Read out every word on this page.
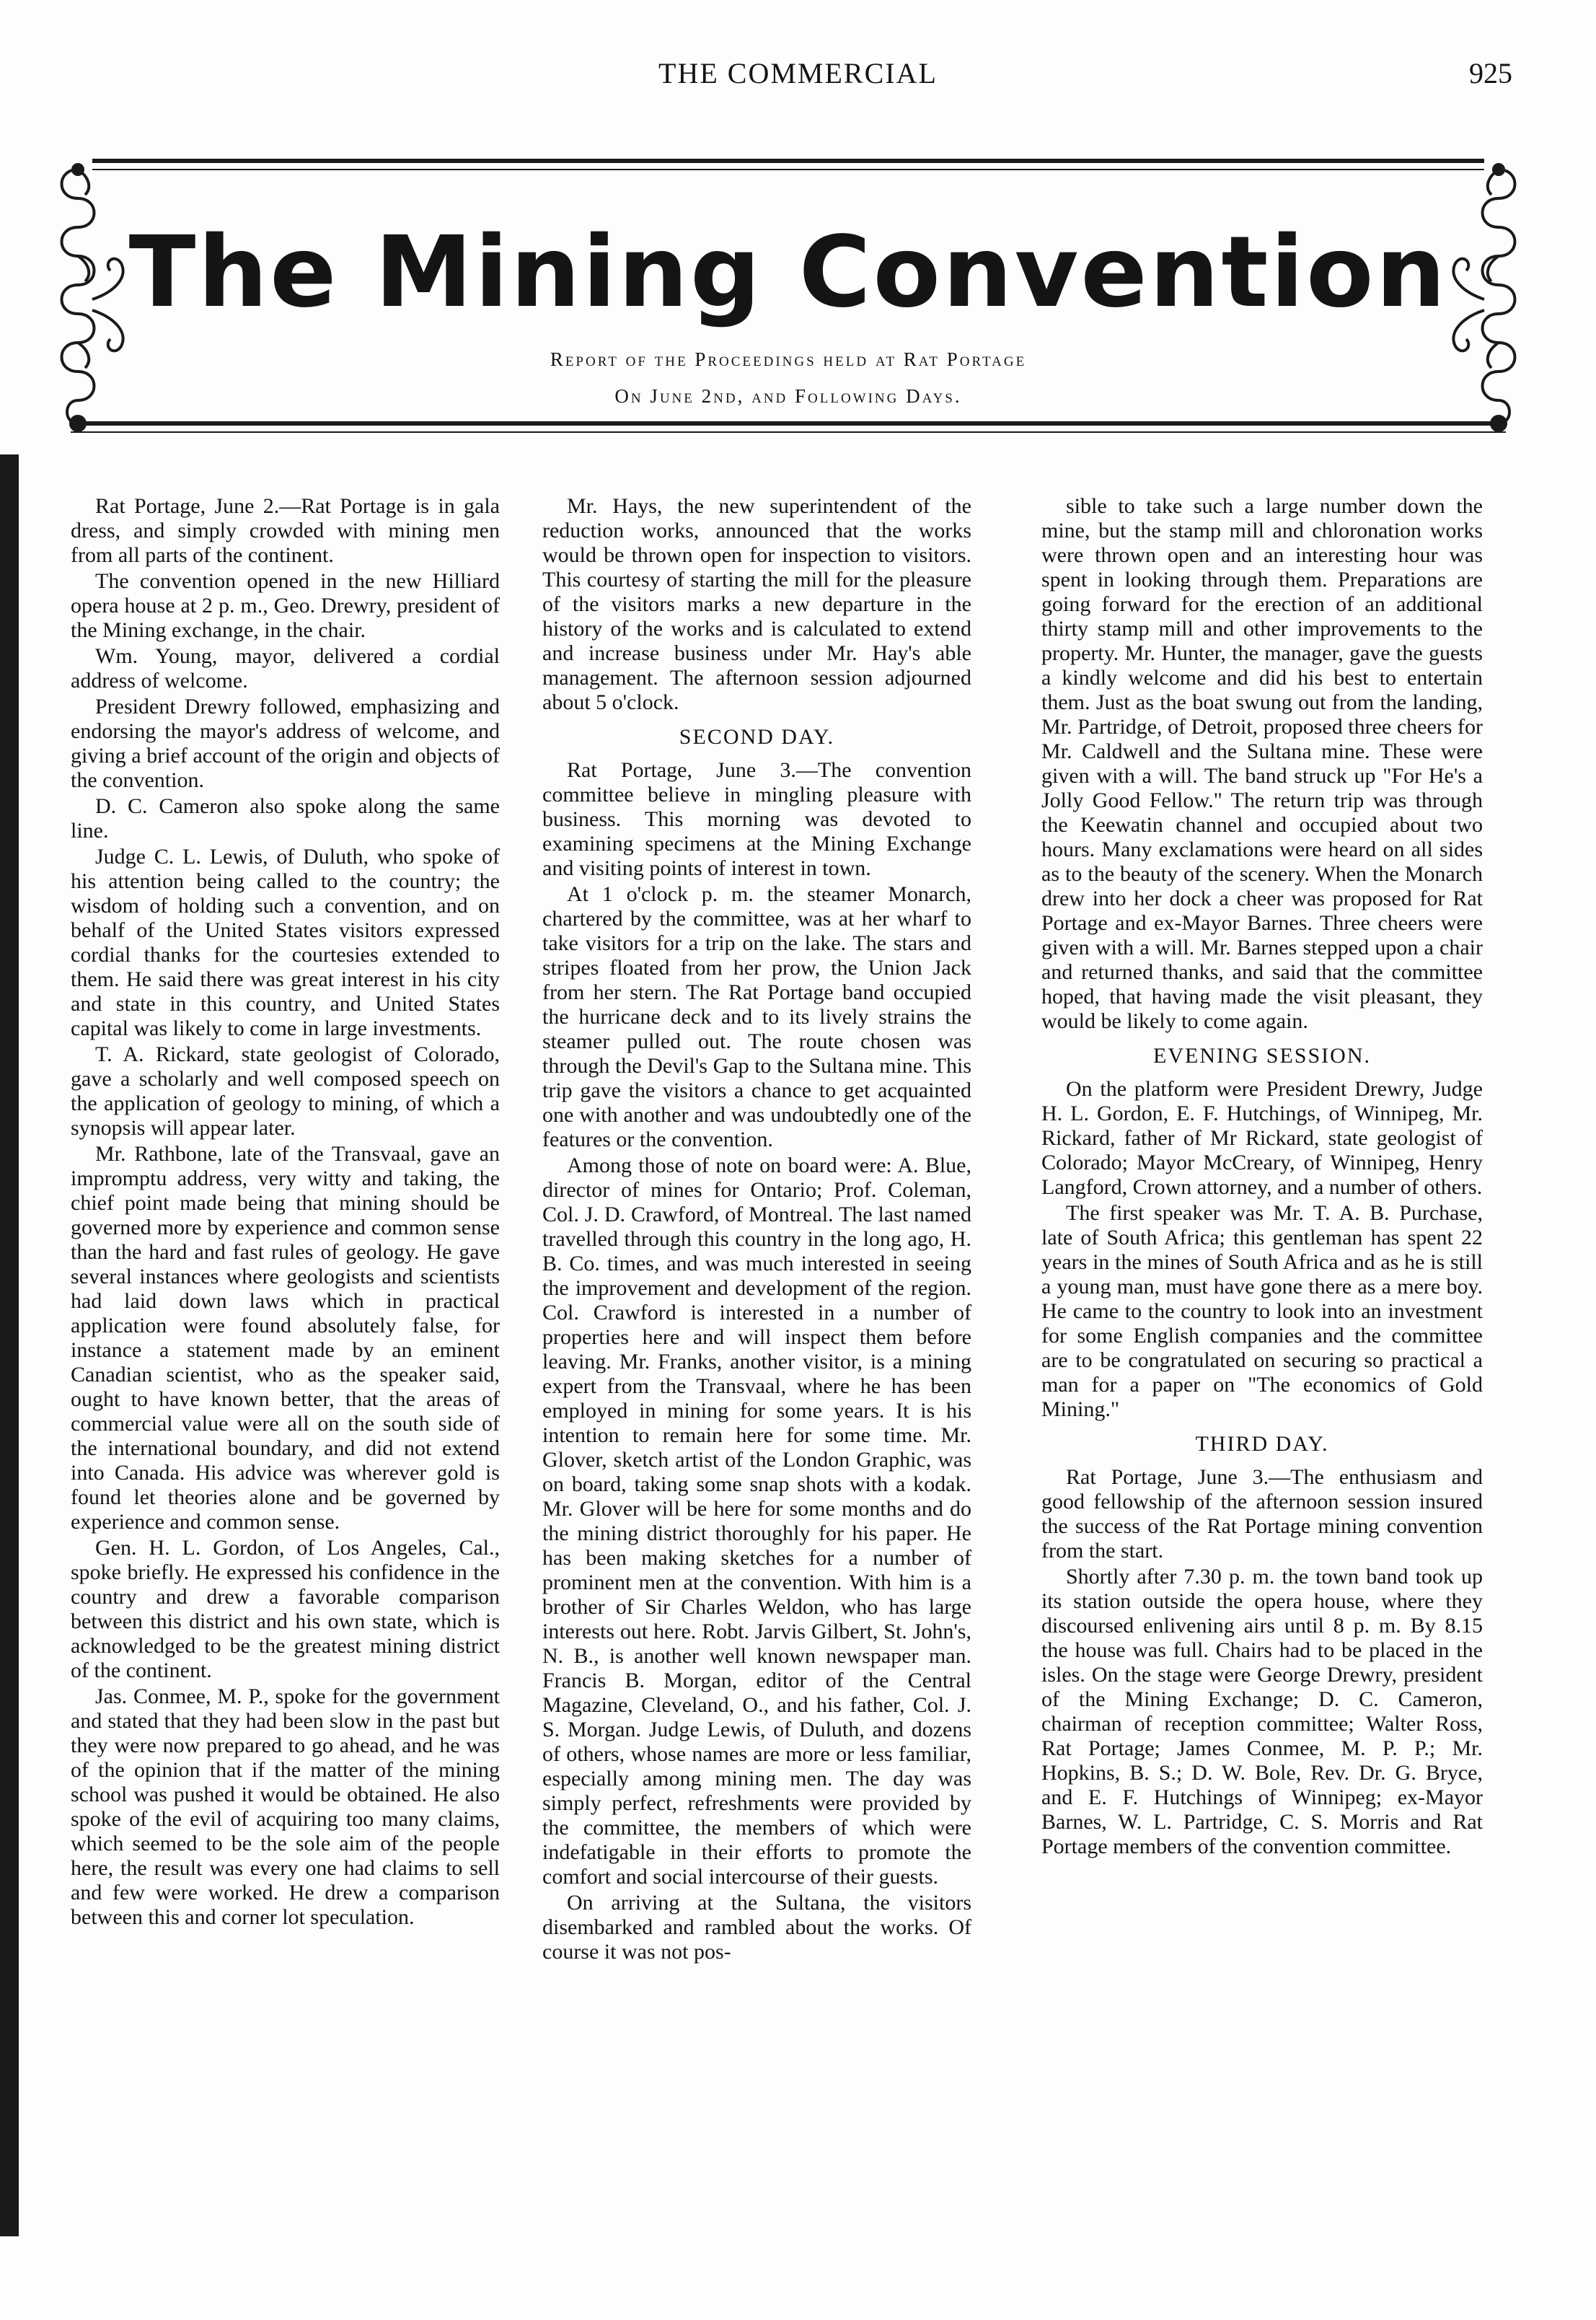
THE COMMERCIAL	925
The Mining Convention
Report of the Proceedings held at Rat Portage
On June 2nd, and Following Days.

Rat Portage, June 2.—Rat Portage is in gala dress, and simply crowded with mining men from all parts of the continent.

The convention opened in the new Hilliard opera house at 2 p. m., Geo. Drewry, president of the Mining exchange, in the chair.

Wm. Young, mayor, delivered a cordial address of welcome.

President Drewry followed, emphasizing and endorsing the mayor's address of welcome, and giving a brief account of the origin and objects of the convention.

D. C. Cameron also spoke along the same line.

Judge C. L. Lewis, of Duluth, who spoke of his attention being called to the country; the wisdom of holding such a convention, and on behalf of the United States visitors expressed cordial thanks for the courtesies extended to them. He said there was great interest in his city and state in this country, and United States capital was likely to come in large investments.

T. A. Rickard, state geologist of Colorado, gave a scholarly and well composed speech on the application of geology to mining, of which a synopsis will appear later.

Mr. Rathbone, late of the Transvaal, gave an impromptu address, very witty and taking, the chief point made being that mining should be governed more by experience and common sense than the hard and fast rules of geology. He gave several instances where geologists and scientists had laid down laws which in practical application were found absolutely false, for instance a statement made by an eminent Canadian scientist, who as the speaker said, ought to have known better, that the areas of commercial value were all on the south side of the international boundary, and did not extend into Canada. His advice was wherever gold is found let theories alone and be governed by experience and common sense.

Gen. H. L. Gordon, of Los Angeles, Cal., spoke briefly. He expressed his confidence in the country and drew a favorable comparison between this district and his own state, which is acknowledged to be the greatest mining district of the continent.

Jas. Conmee, M. P., spoke for the government and stated that they had been slow in the past but they were now prepared to go ahead, and he was of the opinion that if the matter of the mining school was pushed it would be obtained. He also spoke of the evil of acquiring too many claims, which seemed to be the sole aim of the people here, the result was every one had claims to sell and few were worked. He drew a comparison between this and corner lot speculation.

Mr. Hays, the new superintendent of the reduction works, announced that the works would be thrown open for inspection to visitors. This courtesy of starting the mill for the pleasure of the visitors marks a new departure in the history of the works and is calculated to extend and increase business under Mr. Hay's able management. The afternoon session adjourned about 5 o'clock.

SECOND DAY.

Rat Portage, June 3.—The convention committee believe in mingling pleasure with business. This morning was devoted to examining specimens at the Mining Exchange and visiting points of interest in town.

At 1 o'clock p. m. the steamer Monarch, chartered by the committee, was at her wharf to take visitors for a trip on the lake. The stars and stripes floated from her prow, the Union Jack from her stern. The Rat Portage band occupied the hurricane deck and to its lively strains the steamer pulled out. The route chosen was through the Devil's Gap to the Sultana mine. This trip gave the visitors a chance to get acquainted one with another and was undoubtedly one of the features or the convention.

Among those of note on board were: A. Blue, director of mines for Ontario; Prof. Coleman, Col. J. D. Crawford, of Montreal. The last named travelled through this country in the long ago, H. B. Co. times, and was much interested in seeing the improvement and development of the region. Col. Crawford is interested in a number of properties here and will inspect them before leaving. Mr. Franks, another visitor, is a mining expert from the Transvaal, where he has been employed in mining for some years. It is his intention to remain here for some time. Mr. Glover, sketch artist of the London Graphic, was on board, taking some snap shots with a kodak. Mr. Glover will be here for some months and do the mining district thoroughly for his paper. He has been making sketches for a number of prominent men at the convention. With him is a brother of Sir Charles Weldon, who has large interests out here. Robt. Jarvis Gilbert, St. John's, N. B., is another well known newspaper man. Francis B. Morgan, editor of the Central Magazine, Cleveland, O., and his father, Col. J. S. Morgan. Judge Lewis, of Duluth, and dozens of others, whose names are more or less familiar, especially among mining men. The day was simply perfect, refreshments were provided by the committee, the members of which were indefatigable in their efforts to promote the comfort and social intercourse of their guests.

On arriving at the Sultana, the visitors disembarked and rambled about the works. Of course it was not pos-

sible to take such a large number down the mine, but the stamp mill and chloronation works were thrown open and an interesting hour was spent in looking through them. Preparations are going forward for the erection of an additional thirty stamp mill and other improvements to the property. Mr. Hunter, the manager, gave the guests a kindly welcome and did his best to entertain them. Just as the boat swung out from the landing, Mr. Partridge, of Detroit, proposed three cheers for Mr. Caldwell and the Sultana mine. These were given with a will. The band struck up "For He's a Jolly Good Fellow." The return trip was through the Keewatin channel and occupied about two hours. Many exclamations were heard on all sides as to the beauty of the scenery. When the Monarch drew into her dock a cheer was proposed for Rat Portage and ex-Mayor Barnes. Three cheers were given with a will. Mr. Barnes stepped upon a chair and returned thanks, and said that the committee hoped, that having made the visit pleasant, they would be likely to come again.

EVENING SESSION.

On the platform were President Drewry, Judge H. L. Gordon, E. F. Hutchings, of Winnipeg, Mr. Rickard, father of Mr Rickard, state geologist of Colorado; Mayor McCreary, of Winnipeg, Henry Langford, Crown attorney, and a number of others.

The first speaker was Mr. T. A. B. Purchase, late of South Africa; this gentleman has spent 22 years in the mines of South Africa and as he is still a young man, must have gone there as a mere boy. He came to the country to look into an investment for some English companies and the committee are to be congratulated on securing so practical a man for a paper on "The economics of Gold Mining."

THIRD DAY.

Rat Portage, June 3.—The enthusiasm and good fellowship of the afternoon session insured the success of the Rat Portage mining convention from the start.

Shortly after 7.30 p. m. the town band took up its station outside the opera house, where they discoursed enlivening airs until 8 p. m. By 8.15 the house was full. Chairs had to be placed in the isles. On the stage were George Drewry, president of the Mining Exchange; D. C. Cameron, chairman of reception committee; Walter Ross, Rat Portage; James Conmee, M. P. P.; Mr. Hopkins, B. S.; D. W. Bole, Rev. Dr. G. Bryce, and E. F. Hutchings of Winnipeg; ex-Mayor Barnes, W. L. Partridge, C. S. Morris and Rat Portage members of the convention committee.
